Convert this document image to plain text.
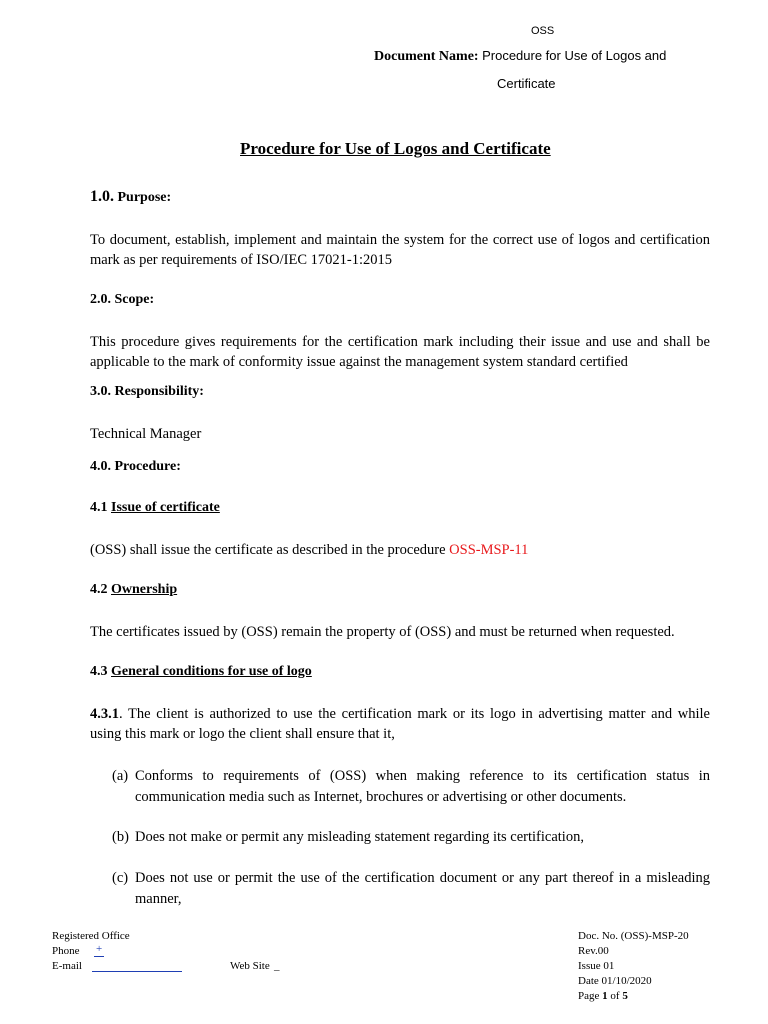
OSS
Document Name: Procedure for Use of Logos and
Certificate
Procedure for Use of Logos and Certificate
1.0. Purpose:
To document, establish, implement and maintain the system for the correct use of logos and certification mark as per requirements of ISO/IEC 17021-1:2015
2.0. Scope:
This procedure gives requirements for the certification mark including their issue and use and shall be applicable to the mark of conformity issue against the management system standard certified
3.0. Responsibility:
Technical Manager
4.0. Procedure:
4.1 Issue of certificate
(OSS) shall issue the certificate as described in the procedure OSS-MSP-11
4.2 Ownership
The certificates issued by (OSS) remain the property of (OSS) and must be returned when requested.
4.3 General conditions for use of logo
4.3.1. The client is authorized to use the certification mark or its logo in advertising matter and while using this mark or logo the client shall ensure that it,
(a) Conforms to requirements of (OSS) when making reference to its certification status in communication media such as Internet, brochures or advertising or other documents.
(b) Does not make or permit any misleading statement regarding its certification,
(c) Does not use or permit the use of the certification document or any part thereof in a misleading manner,
Registered Office
Phone +
E-mail	Web Site _
Doc. No. (OSS)-MSP-20
Rev.00
Issue 01
Date 01/10/2020
Page 1 of 5
